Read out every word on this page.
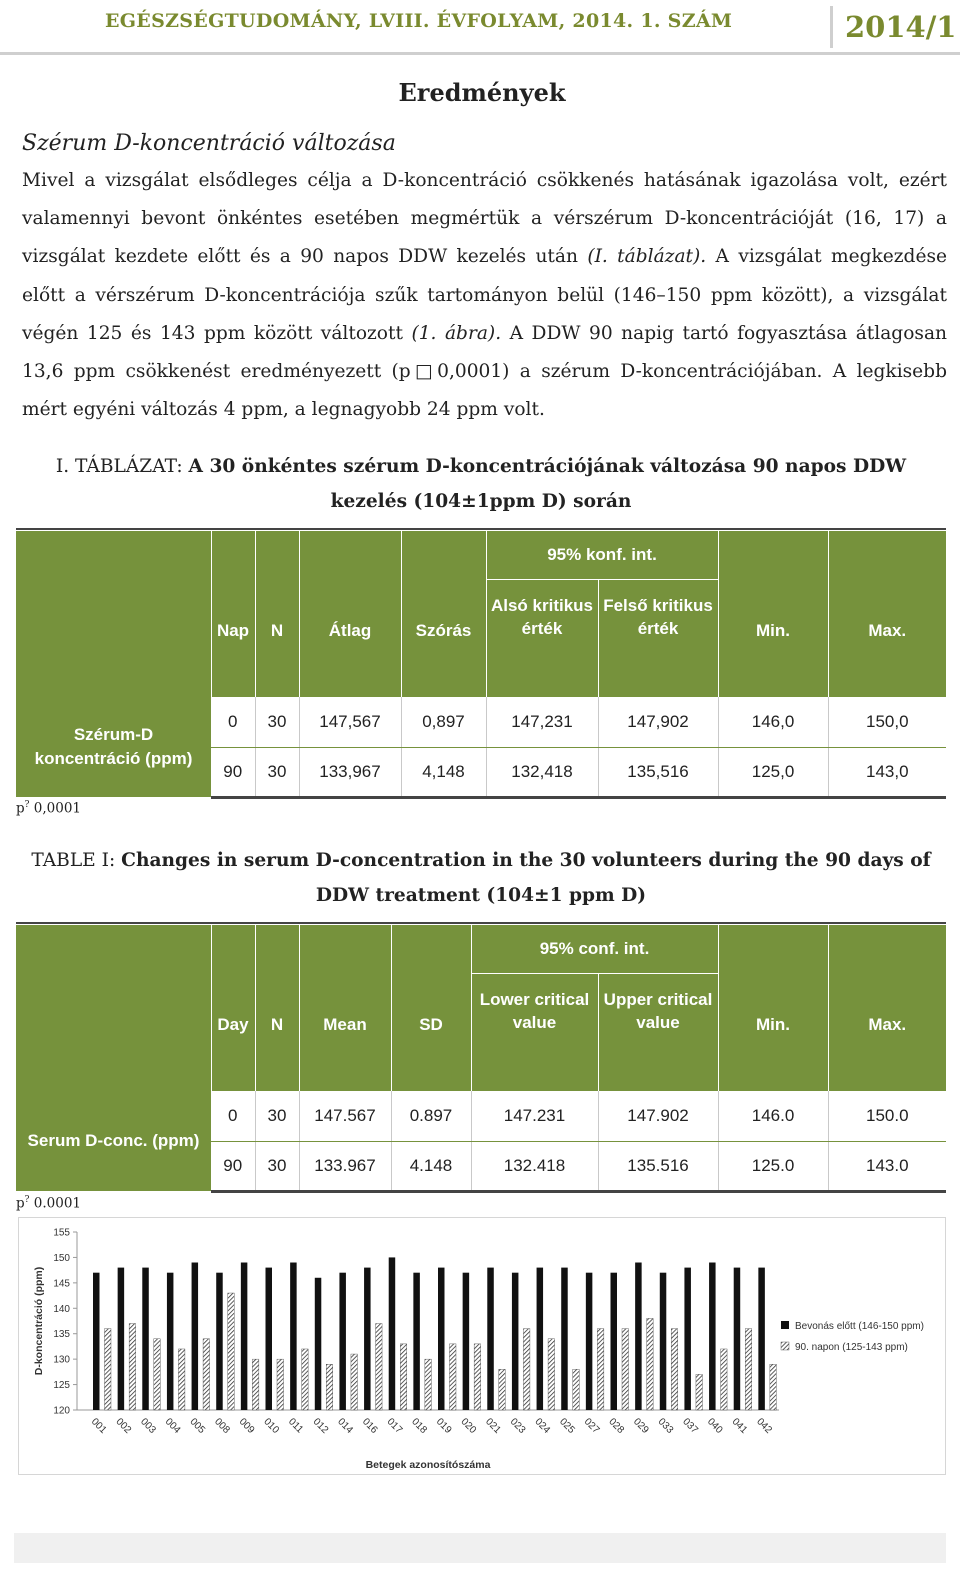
EGÉSZSÉGTUDOMÁNY, LVIII. ÉVFOLYAM, 2014. 1. SZÁM	2014/1
Eredmények
Szérum D-koncentráció változása
Mivel a vizsgálat elsődleges célja a D-koncentráció csökkenés hatásának igazolása volt, ezért valamennyi bevont önkéntes esetében megmértük a vérszérum D-koncentrációját (16, 17) a vizsgálat kezdete előtt és a 90 napos DDW kezelés után (I. táblázat). A vizsgálat megkezdése előtt a vérszérum D-koncentrációja szűk tartományon belül (146–150 ppm között), a vizsgálat végén 125 és 143 ppm között változott (1. ábra). A DDW 90 napig tartó fogyasztása átlagosan 13,6 ppm csökkenést eredményezett (p□0,0001) a szérum D-koncentrációjában. A legkisebb mért egyéni változás 4 ppm, a legnagyobb 24 ppm volt.
I. TÁBLÁZAT: A 30 önkéntes szérum D-koncentrációjának változása 90 napos DDW kezelés (104±1ppm D) során
	Nap	N	Átlag	Szórás	95% konf. int.		Min.	Max.
					Alsó kritikus érték	Felső kritikus érték		
Szérum-D koncentráció (ppm)	0	30	147,567	0,897	147,231	147,902	146,0	150,0
	90	30	133,967	4,148	132,418	135,516	125,0	143,0
p? 0,0001
TABLE I: Changes in serum D-concentration in the 30 volunteers during the 90 days of DDW treatment (104±1 ppm D)
	Day	N	Mean	SD	95% conf. int.		Min.	Max.
					Lower critical value	Upper critical value		
Serum D-conc. (ppm)	0	30	147.567	0.897	147.231	147.902	146.0	150.0
	90	30	133.967	4.148	132.418	135.516	125.0	143.0
p? 0.0001
120
125
130
135
140
145
150
155
D-koncentráció (ppm)
001 002 003 004 005 008 009 010 011 012 014 016 017 018 019 020 021 023 024 025 027 028 029 033 037 040 041 042
Betegek azonosítószáma
Bevonás előtt (146-150 ppm)
90. napon (125-143 ppm)
